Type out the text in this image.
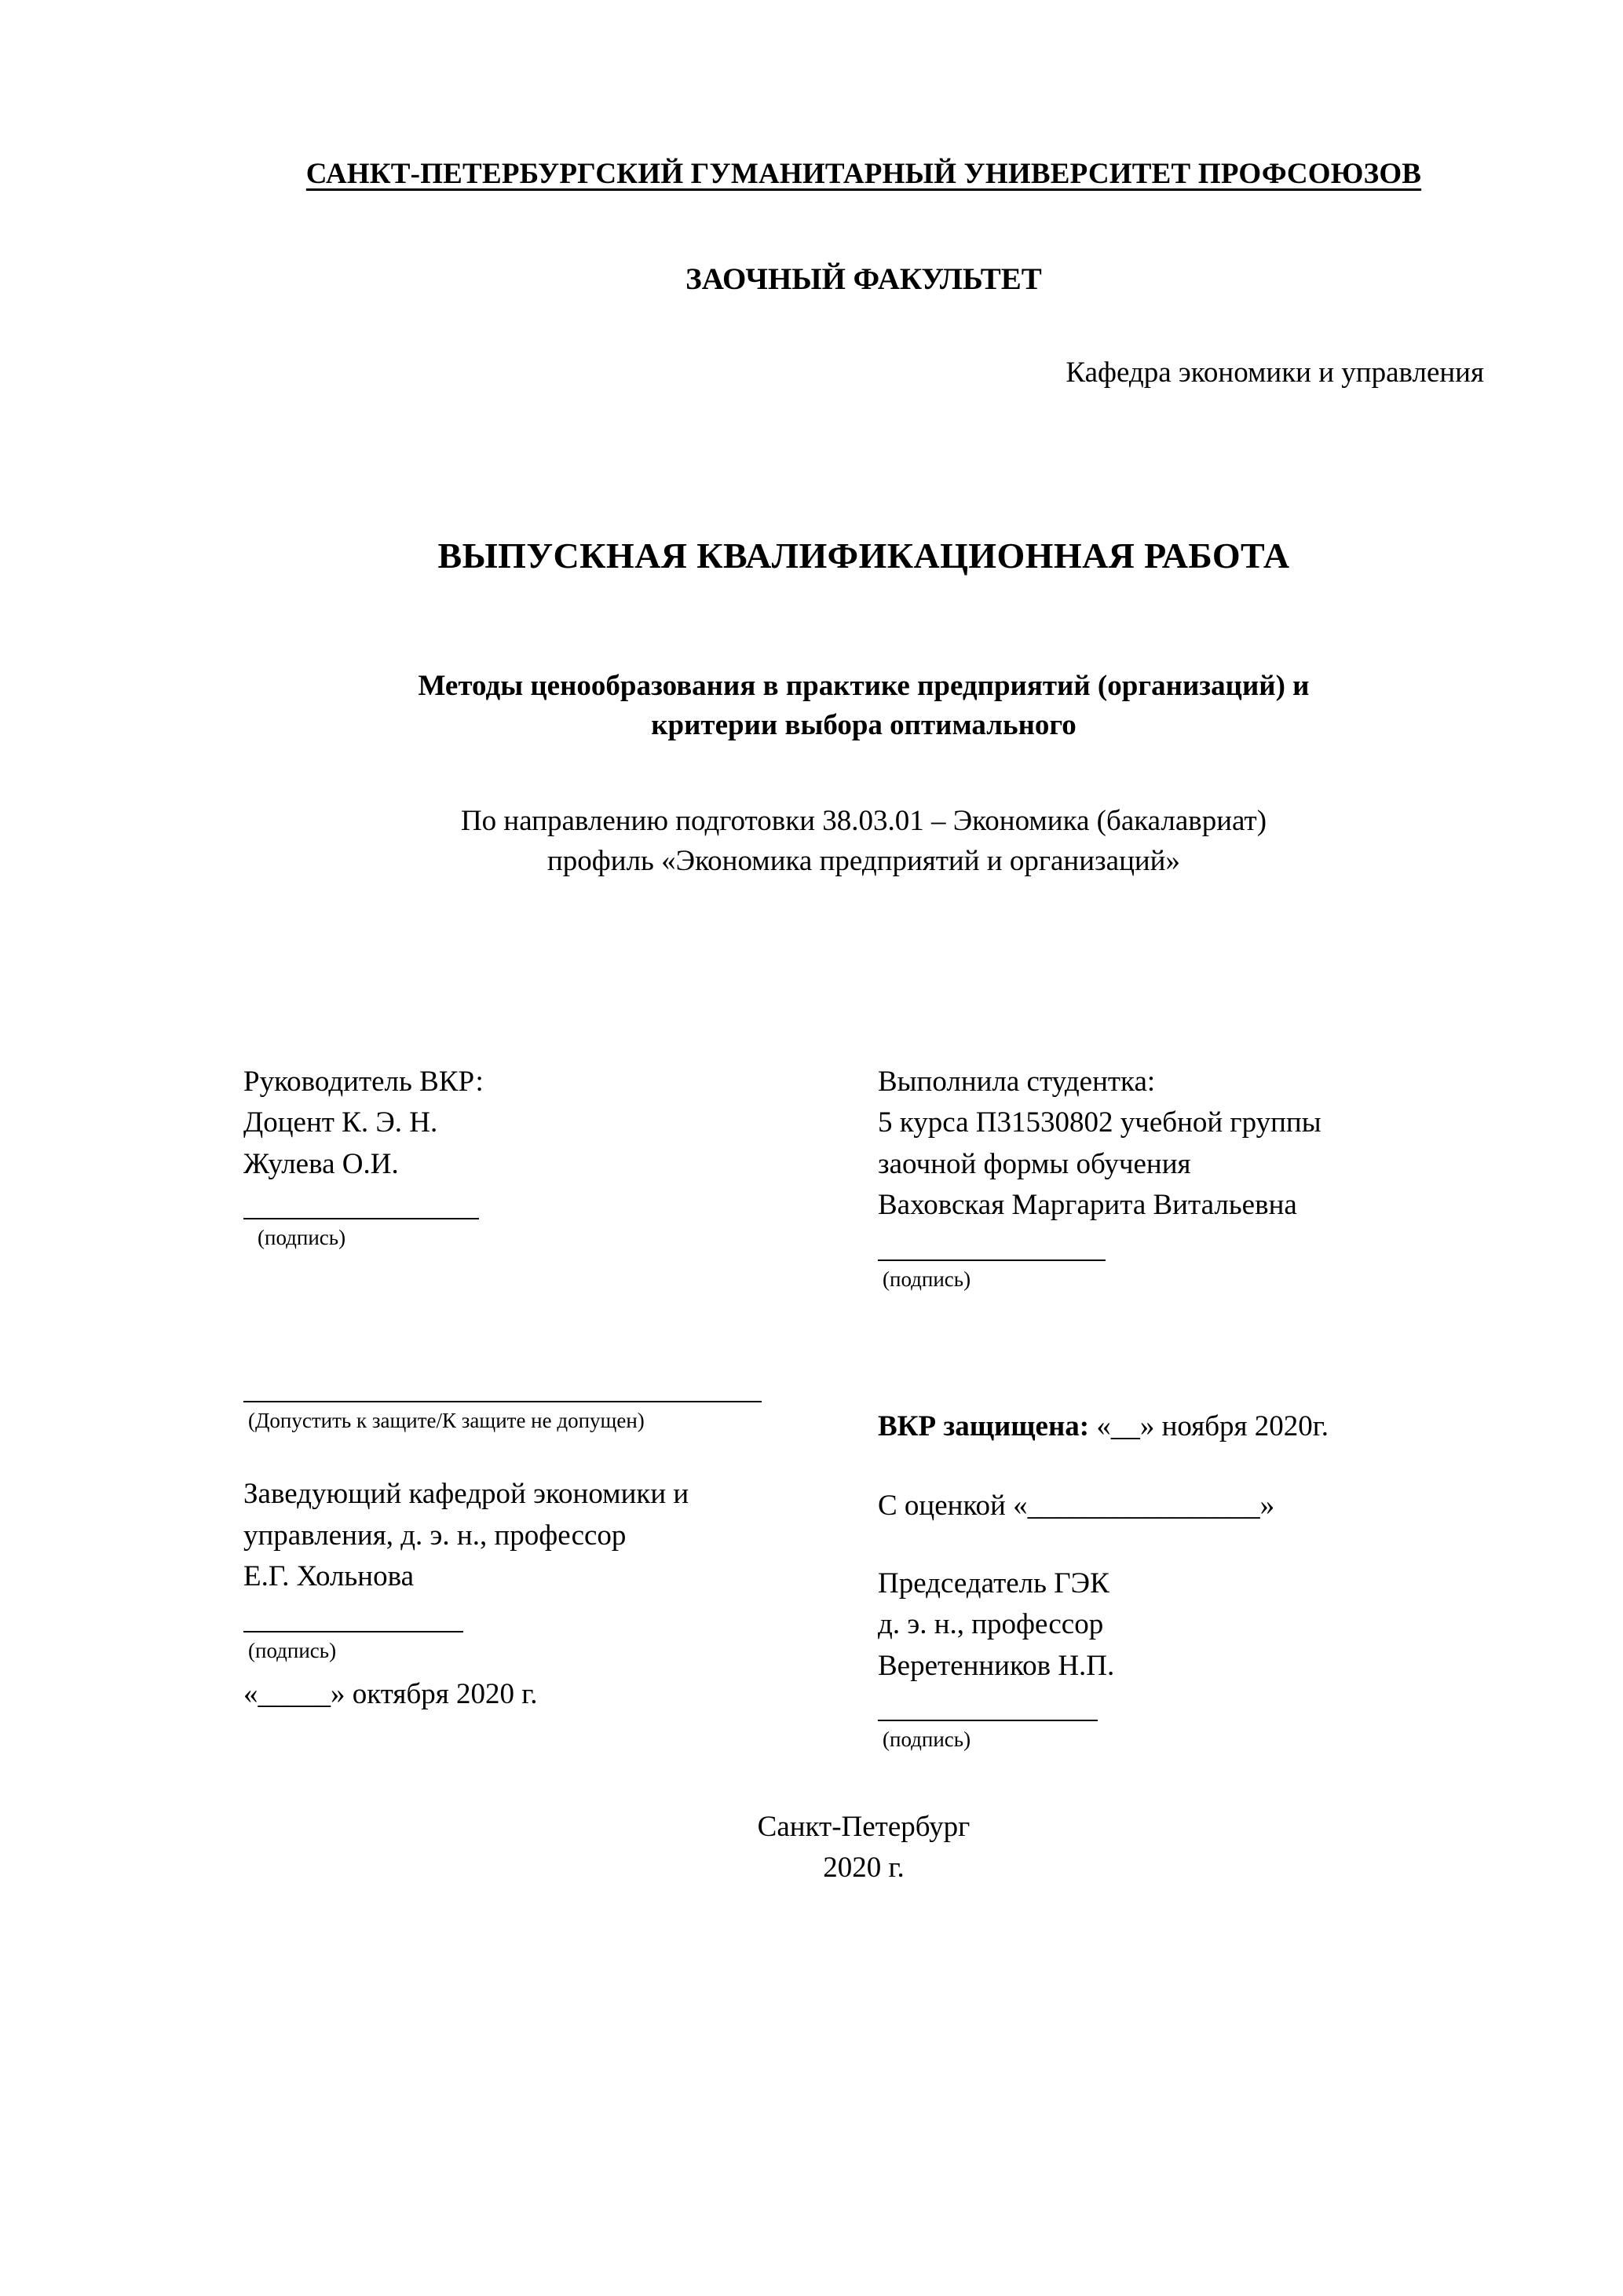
САНКТ-ПЕТЕРБУРГСКИЙ ГУМАНИТАРНЫЙ УНИВЕРСИТЕТ ПРОФСОЮЗОВ
ЗАОЧНЫЙ ФАКУЛЬТЕТ
Кафедра экономики и управления
ВЫПУСКНАЯ КВАЛИФИКАЦИОННАЯ РАБОТА
Методы ценообразования в практике предприятий (организаций) и
критерии выбора оптимального
По направлению подготовки 38.03.01 – Экономика (бакалавриат)
профиль «Экономика предприятий и организаций»
Руководитель ВКР:
Доцент К. Э. Н.
Жулева О.И.
(подпись)
(Допустить к защите/К защите не допущен)
Заведующий кафедрой экономики и
управления, д. э. н., профессор
Е.Г. Хольнова
(подпись)
«_____» октября 2020 г.
Выполнила студентка:
5 курса П31530802 учебной группы
заочной формы обучения
Ваховская Маргарита Витальевна
(подпись)
ВКР защищена: «__» ноября 2020г.
С оценкой «________________»
Председатель ГЭК
д. э. н., профессор
Веретенников Н.П.
(подпись)
Санкт-Петербург
2020 г.
